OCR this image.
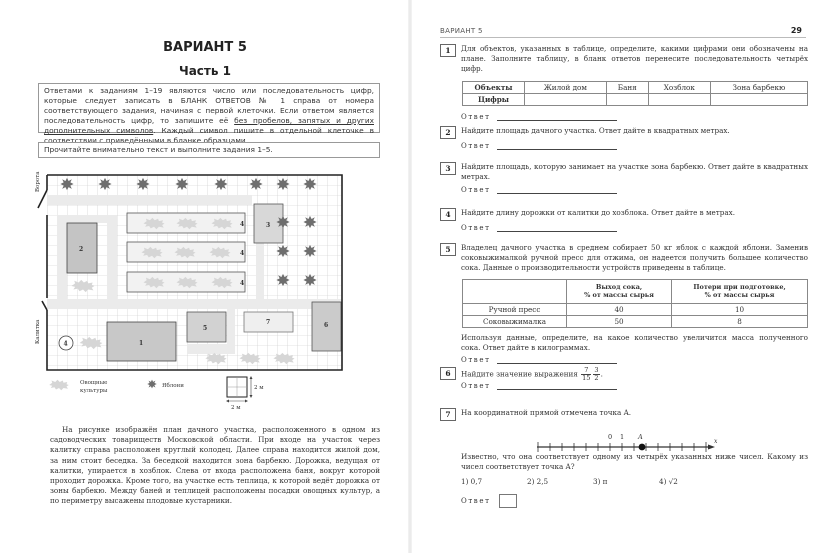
ВАРИАНТ 5
Часть 1
Ответами к заданиям 1–19 являются число или последовательность цифр, которые следует записать в БЛАНК ОТВЕТОВ № 1 справа от номера соответствующего задания, начиная с первой клеточки. Если ответом является последовательность цифр, то запишите её без пробелов, запятых и других дополнительных символов. Каждый символ пишите в отдельной клеточке в соответствии с приведёнными в бланке образцами.
Прочитайте внимательно текст и выполните задания 1–5.
4
4
4
2
3
1
5
7	6
4
Ворота
Калитка
Овощные
культуры
Яблони	2 м
2 м
На рисунке изображён план дачного участка, расположенного в одном из садоводческих товариществ Московской области. При входе на участок через калитку справа расположен круглый колодец. Далее справа находится жилой дом, за ним стоит беседка. За беседкой находится зона барбекю. Дорожка, ведущая от калитки, упирается в хозблок. Слева от входа расположена баня, вокруг которой проходит дорожка. Кроме того, на участке есть теплица, к которой ведёт дорожка от зоны барбекю. Между баней и теплицей расположены посадки овощных культур, а по периметру высажены плодовые кустарники.
ВАРИАНТ 5	29
1	Для объектов, указанных в таблице, определите, какими цифрами они обозначены на плане. Заполните таблицу, в бланк ответов перенесите последовательность четырёх цифр.
Объекты	Жилой дом	Баня	Хозблок	Зона барбекю
Цифры				
Ответ
2	Найдите площадь дачного участка. Ответ дайте в квадратных метрах.
Ответ
3	Найдите площадь, которую занимает на участке зона барбекю. Ответ дайте в квадратных метрах.
Ответ
4	Найдите длину дорожки от калитки до хозблока. Ответ дайте в метрах.
Ответ
5	Владелец дачного участка в среднем собирает 50 кг яблок с каждой яблони. Заменив соковыжималкой ручной пресс для отжима, он надеется получить большее количество сока. Данные о производительности устройств приведены в таблице.
	Выход сока,
% от массы сырья	Потери при подготовке,
% от массы сырья
Ручной пресс	40	10
Соковыжималка	50	8
Используя данные, определите, на какое количество увеличится масса полученного сока. Ответ дайте в килограммах.
Ответ
6	Найдите значение выражения $\frac{7}{15} \frac{3}{2}$ .
Ответ
7	На координатной прямой отмечена точка A.
0 1 A
x
Известно, что она соответствует одному из четырёх указанных ниже чисел. Какому из чисел соответствует точка A?
1) 0,7	2) 2,5	3) π	4) √2
Ответ
